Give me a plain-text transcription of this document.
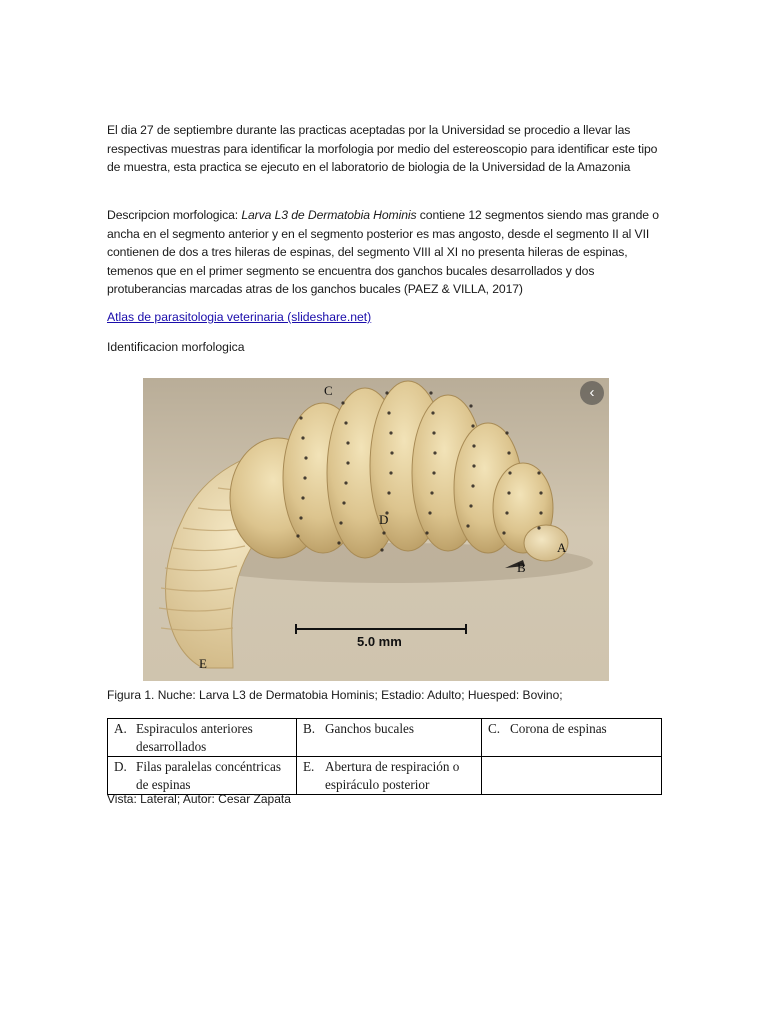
El dia 27 de septiembre durante las practicas aceptadas por la Universidad se procedio a llevar las respectivas muestras para identificar la morfologia por medio del estereoscopio para identificar este tipo de muestra, esta practica se ejecuto en el laboratorio de biologia de la Universidad de la Amazonia
Descripcion morfologica: Larva L3 de Dermatobia Hominis contiene 12 segmentos siendo mas grande o ancha en el segmento anterior y en el segmento posterior es mas angosto, desde el segmento II al VII contienen de dos a tres hileras de espinas, del segmento VIII al XI no presenta hileras de espinas, temenos que en el primer segmento se encuentra dos ganchos bucales desarrollados y dos protuberancias marcadas atras de los ganchos bucales (PAEZ & VILLA, 2017)
Atlas de parasitologia veterinaria (slideshare.net)
Identificacion morfologica
5.0 mm
C
D
A
B
E
‹
Figura 1. Nuche: Larva L3 de Dermatobia Hominis; Estadio: Adulto; Huesped: Bovino;
A. Espiraculos anteriores desarrollados	B. Ganchos bucales	C. Corona de espinas

D. Filas paralelas concéntricas de espinas	E. Abertura de respiración o espiráculo posterior	

Vista: Lateral; Autor: Cesar Zapata
